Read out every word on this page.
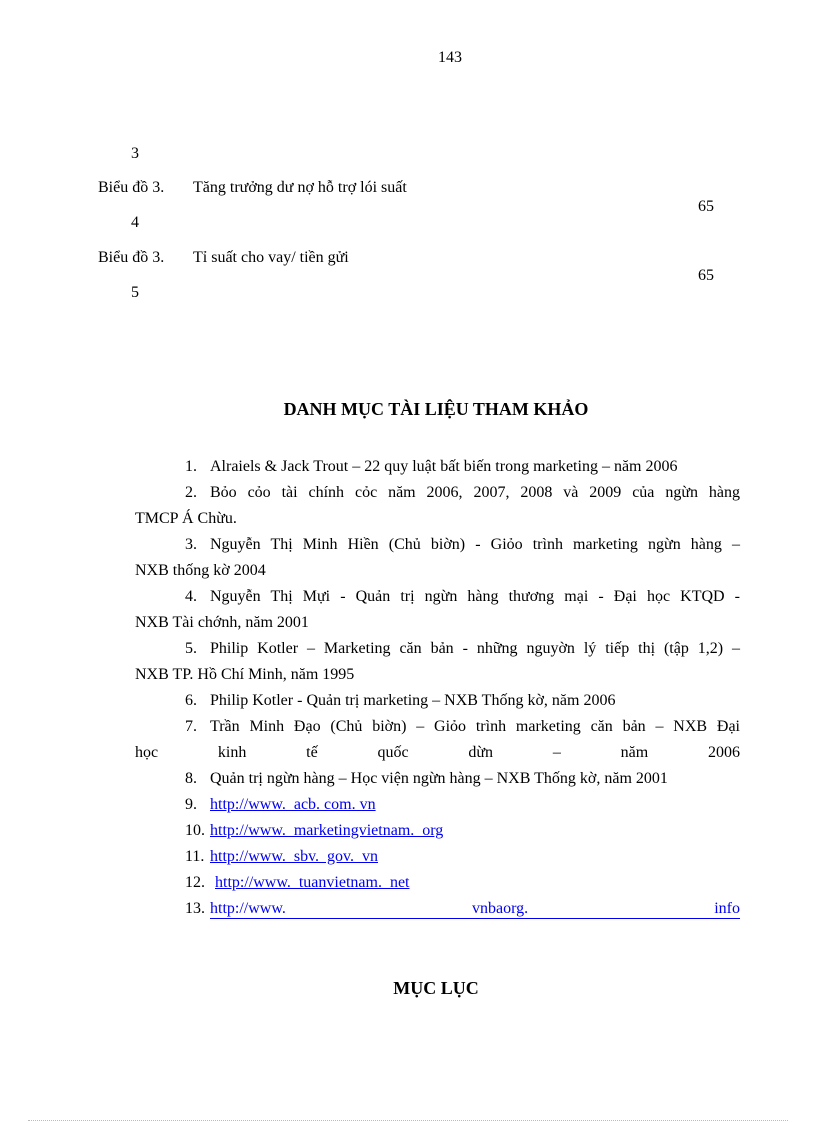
143
3
Biểu đồ 3. Tăng trưởng dư nợ hỗ trợ lói suất
65
4
Biểu đồ 3. Tỉ suất cho vay/ tiền gửi
65
5
DANH MỤC TÀI LIỆU THAM KHẢO
1. Alraiels & Jack Trout – 22 quy luật bất biến trong marketing – năm 2006
2. Bỏo cỏo tài chính cỏc năm 2006, 2007, 2008 và 2009 của ngừn hàng
TMCP Á Chừu.
3. Nguyễn Thị Minh Hiền (Chủ biờn) - Giỏo trình marketing ngừn hàng –
NXB thống kờ 2004
4. Nguyễn Thị Mựi - Quản trị ngừn hàng thương mại - Đại học KTQD -
NXB Tài chớnh, năm 2001
5. Philip Kotler – Marketing căn bản - những nguyờn lý tiếp thị (tập 1,2) –
NXB TP. Hồ Chí Minh, năm 1995
6. Philip Kotler - Quản trị marketing – NXB Thống kờ, năm 2006
7. Trần Minh Đạo (Chủ biờn) – Giỏo trình marketing căn bản – NXB Đại
học kinh tế quốc dừn – năm 2006
8. Quản trị ngừn hàng – Học viện ngừn hàng – NXB Thống kờ, năm 2001
9. http://www.  acb. com. vn
10. http://www.  marketingvietnam.  org
11. http://www.  sbv.  gov.  vn
12. http://www.  tuanvietnam.  net
13. http://www. vnbaorg. info
MỤC LỤC
